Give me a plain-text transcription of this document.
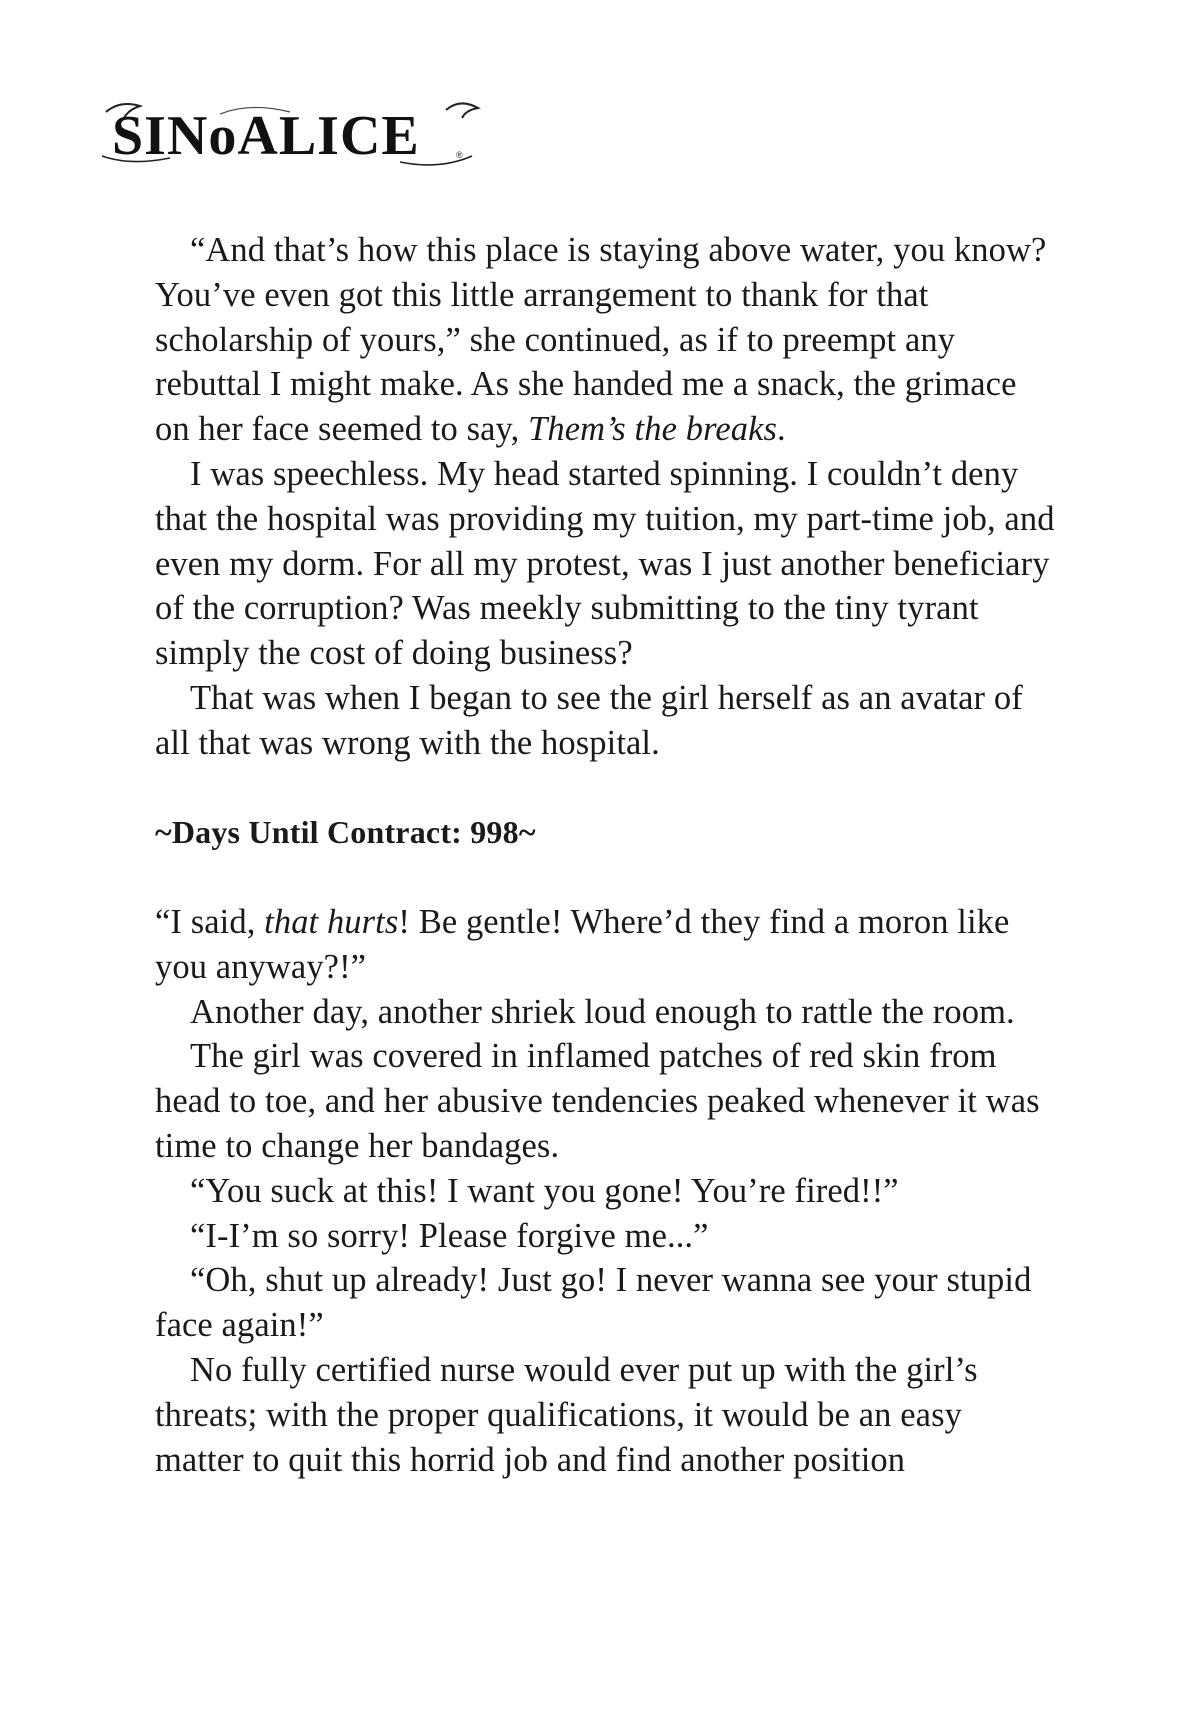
SINoALICE	®

“And that’s how this place is staying above water, you know? You’ve even got this little arrangement to thank for that scholarship of yours,” she continued, as if to preempt any rebuttal I might make. As she handed me a snack, the grimace on her face seemed to say, Them’s the breaks.

I was speechless. My head started spinning. I couldn’t deny that the hospital was providing my tuition, my part-time job, and even my dorm. For all my protest, was I just another beneficiary of the corruption? Was meekly submitting to the tiny tyrant simply the cost of doing business?

That was when I began to see the girl herself as an avatar of all that was wrong with the hospital.

~Days Until Contract: 998~

“I said, that hurts! Be gentle! Where’d they find a moron like you anyway?!”

Another day, another shriek loud enough to rattle the room.

The girl was covered in inflamed patches of red skin from head to toe, and her abusive tendencies peaked whenever it was time to change her bandages.

“You suck at this! I want you gone! You’re fired!!”

“I-I’m so sorry! Please forgive me...”

“Oh, shut up already! Just go! I never wanna see your stupid face again!”

No fully certified nurse would ever put up with the girl’s threats; with the proper qualifications, it would be an easy matter to quit this horrid job and find another position
